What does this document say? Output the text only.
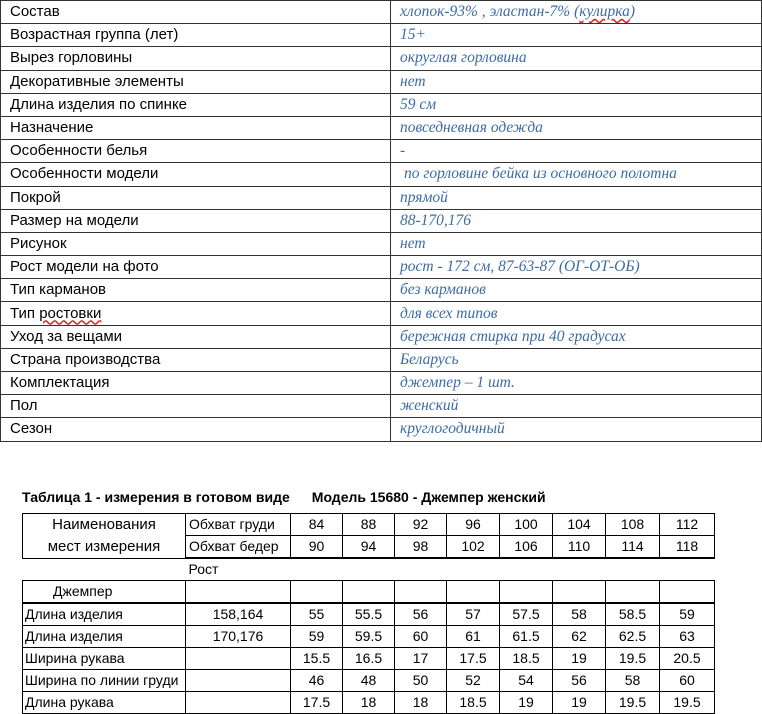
Состав	хлопок-93% , эластан-7% (кулирка)
Возрастная группа (лет)	15+
Вырез горловины	округлая горловина
Декоративные элементы	нет
Длина изделия по спинке	59 см
Назначение	повседневная одежда
Особенности белья	-
Особенности модели	по горловине бейка из основного полотна
Покрой	прямой
Размер на модели	88-170,176
Рисунок	нет
Рост модели на фото	рост - 172 см, 87-63-87 (ОГ-ОТ-ОБ)
Тип карманов	без карманов
Тип ростовки	для всех типов
Уход за вещами	бережная стирка при 40 градусах
Страна производства	Беларусь
Комплектация	джемпер – 1 шт.
Пол	женский
Сезон	круглогодичный

Таблица 1 - измерения в готовом виде Модель 15680 - Джемпер женский

Наименования	Обхват груди	84	88	92	96	100	104	108	112
мест измерения	Обхват бедер	90	94	98	102	106	110	114	118
	Рост								
Джемпер									
Длина изделия	158,164	55	55.5	56	57	57.5	58	58.5	59
Длина изделия	170,176	59	59.5	60	61	61.5	62	62.5	63
Ширина рукава		15.5	16.5	17	17.5	18.5	19	19.5	20.5
Ширина по линии груди		46	48	50	52	54	56	58	60
Длина рукава		17.5	18	18	18.5	19	19	19.5	19.5
